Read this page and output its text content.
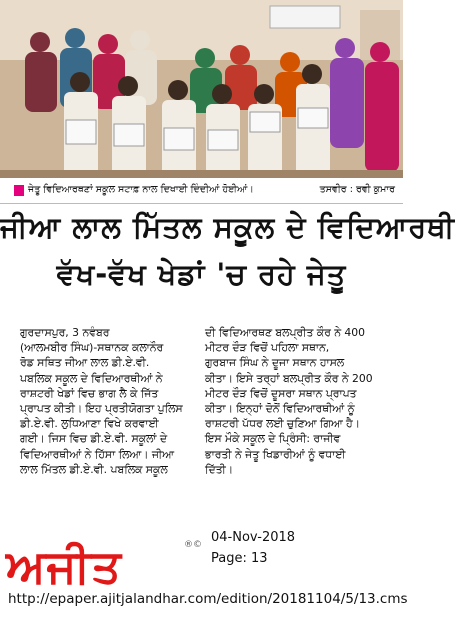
ਜੇਤੂ ਵਿਦਿਆਰਥਣਾਂ ਸਕੂਲ ਸਟਾਫ਼ ਨਾਲ ਦਿਖਾਈ ਦਿੰਦੀਆਂ ਹੋਈਆਂ।	ਤਸਵੀਰ : ਰਵੀ ਕੁਮਾਰ
ਜੀਆ ਲਾਲ ਮਿੱਤਲ ਸਕੂਲ ਦੇ ਵਿਦਿਆਰਥੀ
ਵੱਖ-ਵੱਖ ਖੇਡਾਂ 'ਚ ਰਹੇ ਜੇਤੂ

ਗੁਰਦਾਸਪੁਰ, 3 ਨਵੰਬਰ

(ਆਲਮਬੀਰ ਸਿੰਘ)-ਸਥਾਨਕ ਕਲਾਨੌਰ

ਰੋਡ ਸਥਿਤ ਜੀਆ ਲਾਲ ਡੀ.ਏ.ਵੀ.

ਪਬਲਿਕ ਸਕੂਲ ਦੇ ਵਿਦਿਆਰਥੀਆਂ ਨੇ

ਰਾਸ਼ਟਰੀ ਖੇਡਾਂ ਵਿਚ ਭਾਗ ਲੈ ਕੇ ਜਿੱਤ

ਪ੍ਰਾਪਤ ਕੀਤੀ। ਇਹ ਪ੍ਰਤੀਯੋਗਤਾ ਪੁਲਿਸ

ਡੀ.ਏ.ਵੀ. ਲੁਧਿਆਣਾ ਵਿਖੇ ਕਰਵਾਈ

ਗਈ। ਜਿਸ ਵਿਚ ਡੀ.ਏ.ਵੀ. ਸਕੂਲਾਂ ਦੇ

ਵਿਦਿਆਰਥੀਆਂ ਨੇ ਹਿੱਸਾ ਲਿਆ। ਜੀਆ

ਲਾਲ ਮਿੱਤਲ ਡੀ.ਏ.ਵੀ. ਪਬਲਿਕ ਸਕੂਲ

ਦੀ ਵਿਦਿਆਰਥਣ ਬਲਪ੍ਰੀਤ ਕੌਰ ਨੇ 400

ਮੀਟਰ ਦੌੜ ਵਿਚੋਂ ਪਹਿਲਾ ਸਥਾਨ,

ਗੁਰਬਾਜ ਸਿੰਘ ਨੇ ਦੂਜਾ ਸਥਾਨ ਹਾਸਲ

ਕੀਤਾ। ਇਸੇ ਤਰ੍ਹਾਂ ਬਲਪ੍ਰੀਤ ਕੌਰ ਨੇ 200

ਮੀਟਰ ਦੌੜ ਵਿਚੋਂ ਦੂਸਰਾ ਸਥਾਨ ਪ੍ਰਾਪਤ

ਕੀਤਾ। ਇਨ੍ਹਾਂ ਦੋਨੋਂ ਵਿਦਿਆਰਥੀਆਂ ਨੂੰ

ਰਾਸ਼ਟਰੀ ਪੱਧਰ ਲਈ ਚੁਣਿਆ ਗਿਆ ਹੈ।

ਇਸ ਮੌਕੇ ਸਕੂਲ ਦੇ ਪ੍ਰਿੰਸੀ: ਰਾਜੀਵ

ਭਾਰਤੀ ਨੇ ਜੇਤੂ ਖਿਡਾਰੀਆਂ ਨੂੰ ਵਧਾਈ

ਦਿੱਤੀ।

ਅਜੀਤ	®© 04-Nov-2018
Page: 13
http://epaper.ajitjalandhar.com/edition/20181104/5/13.cms
